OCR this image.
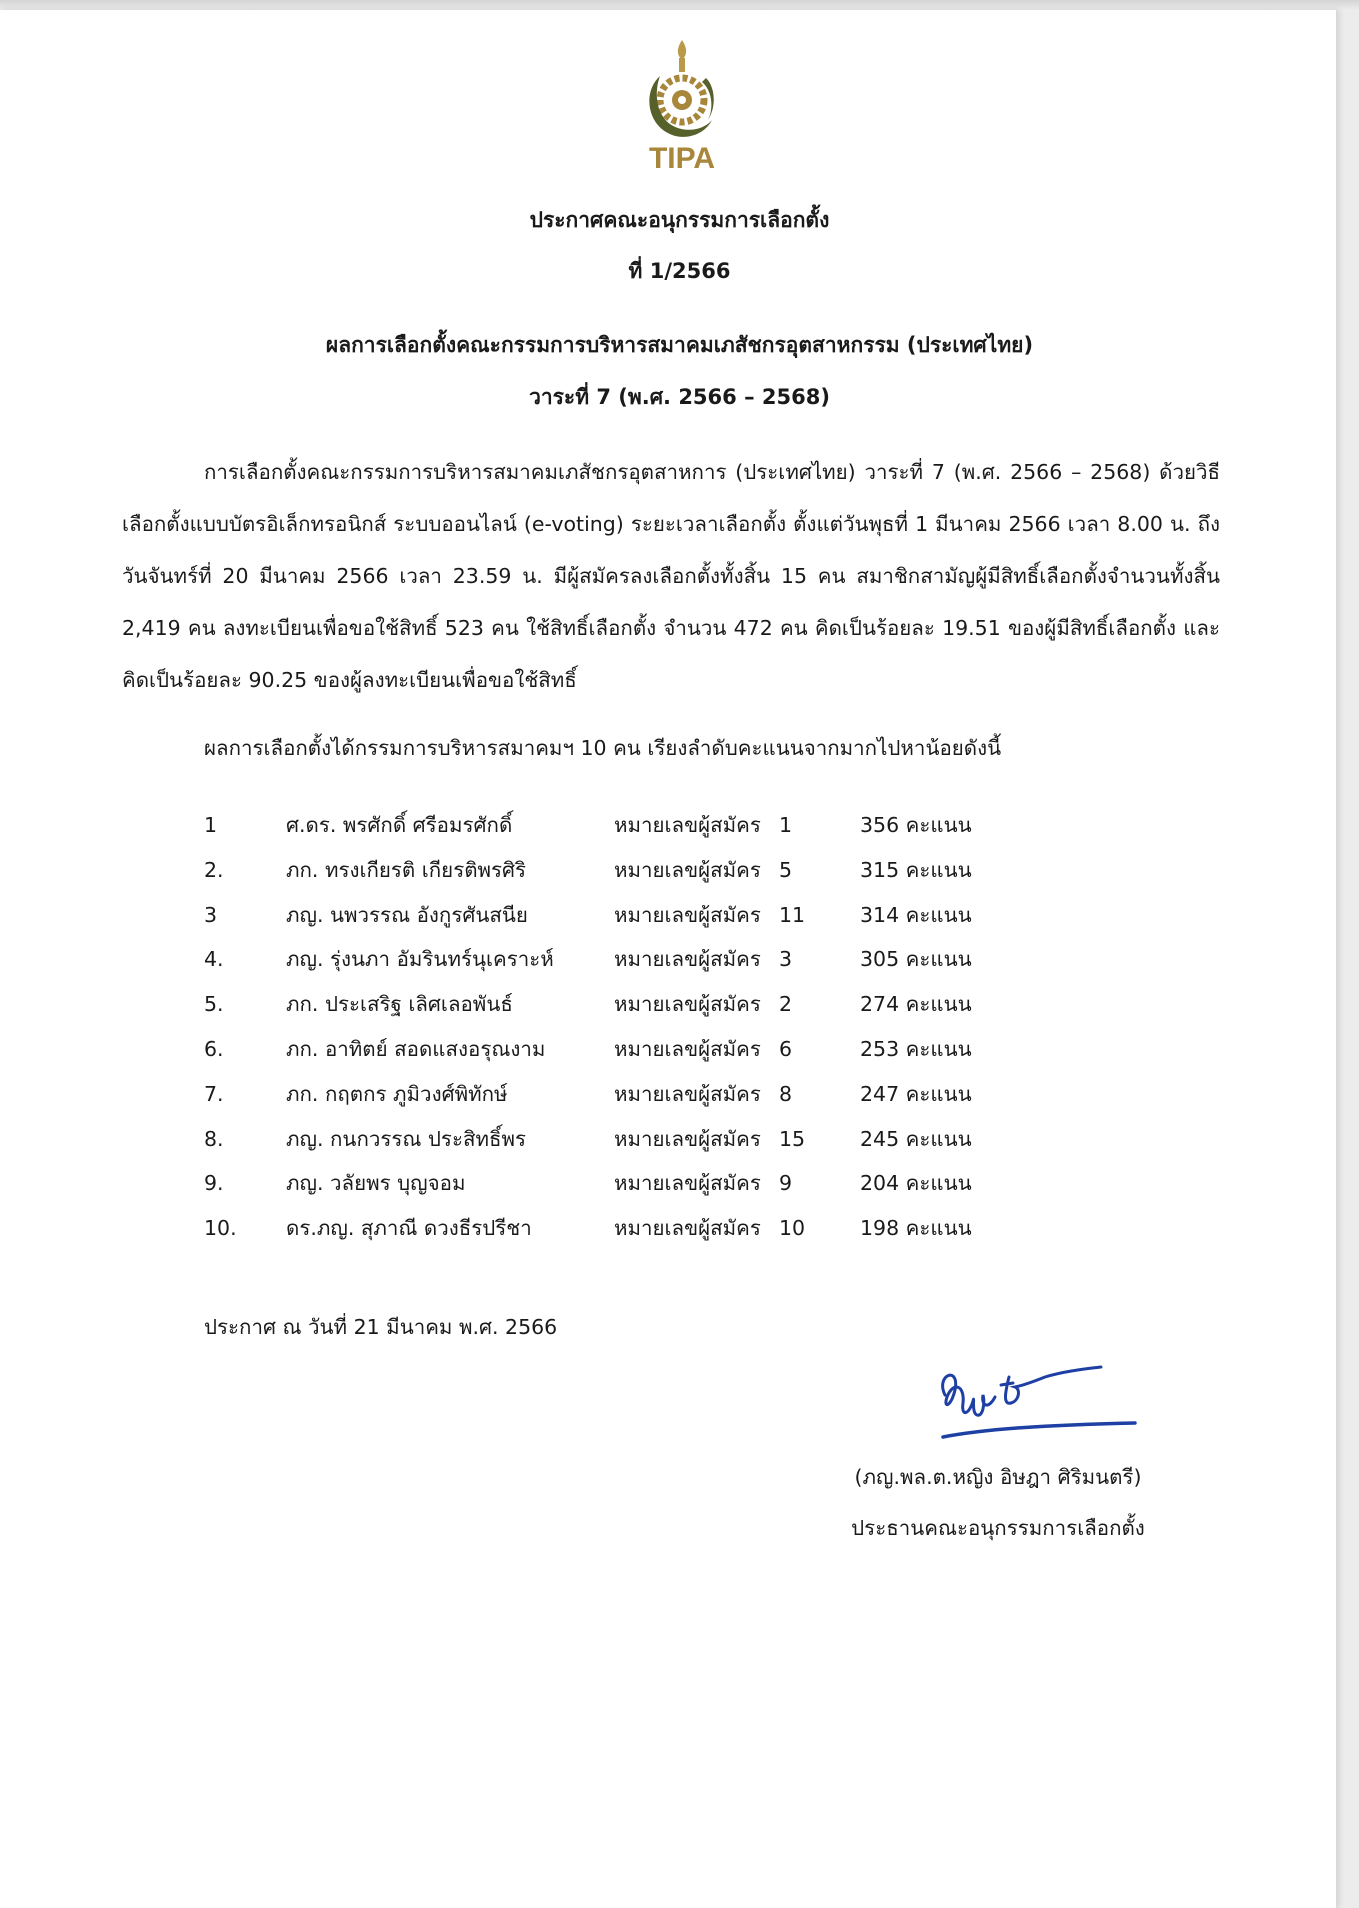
TIPA
ประกาศคณะอนุกรรมการเลือกตั้ง
ที่ 1/2566
ผลการเลือกตั้งคณะกรรมการบริหารสมาคมเภสัชกรอุตสาหกรรม (ประเทศไทย)
วาระที่ 7 (พ.ศ. 2566 – 2568)

การเลือกตั้งคณะกรรมการบริหารสมาคมเภสัชกรอุตสาหการ (ประเทศไทย) วาระที่ 7 (พ.ศ. 2566 – 2568) ด้วยวิธีเลือกตั้งแบบบัตรอิเล็กทรอนิกส์ ระบบออนไลน์ (e-voting) ระยะเวลาเลือกตั้ง ตั้งแต่วันพุธที่ 1 มีนาคม 2566 เวลา 8.00 น. ถึง วันจันทร์ที่ 20 มีนาคม 2566 เวลา 23.59 น. มีผู้สมัครลงเลือกตั้งทั้งสิ้น 15 คน สมาชิกสามัญผู้มีสิทธิ์เลือกตั้งจำนวนทั้งสิ้น 2,419 คน ลงทะเบียนเพื่อขอใช้สิทธิ์ 523 คน ใช้สิทธิ์เลือกตั้ง จำนวน 472 คน คิดเป็นร้อยละ 19.51 ของผู้มีสิทธิ์เลือกตั้ง และคิดเป็นร้อยละ 90.25 ของผู้ลงทะเบียนเพื่อขอใช้สิทธิ์

ผลการเลือกตั้งได้กรรมการบริหารสมาคมฯ 10 คน เรียงลำดับคะแนนจากมากไปหาน้อยดังนี้
1	ศ.ดร. พรศักดิ์ ศรีอมรศักดิ์	หมายเลขผู้สมัคร 1	356 คะแนน
2.	ภก. ทรงเกียรติ เกียรติพรศิริ	หมายเลขผู้สมัคร 5	315 คะแนน
3	ภญ. นพวรรณ อังกูรศันสนีย	หมายเลขผู้สมัคร 11	314 คะแนน
4.	ภญ. รุ่งนภา อัมรินทร์นุเคราะห์	หมายเลขผู้สมัคร 3	305 คะแนน
5.	ภก. ประเสริฐ เลิศเลอพันธ์	หมายเลขผู้สมัคร 2	274 คะแนน
6.	ภก. อาทิตย์ สอดแสงอรุณงาม	หมายเลขผู้สมัคร 6	253 คะแนน
7.	ภก. กฤตกร ภูมิวงศ์พิทักษ์	หมายเลขผู้สมัคร 8	247 คะแนน
8.	ภญ. กนกวรรณ ประสิทธิ์พร	หมายเลขผู้สมัคร 15	245 คะแนน
9.	ภญ. วลัยพร บุญจอม	หมายเลขผู้สมัคร 9	204 คะแนน
10. ดร.ภญ. สุภาณี ดวงธีรปรีชา	หมายเลขผู้สมัคร 10	198 คะแนน
ประกาศ ณ วันที่ 21 มีนาคม พ.ศ. 2566
(ภญ.พล.ต.หญิง อิษฎา ศิริมนตรี)
ประธานคณะอนุกรรมการเลือกตั้ง
